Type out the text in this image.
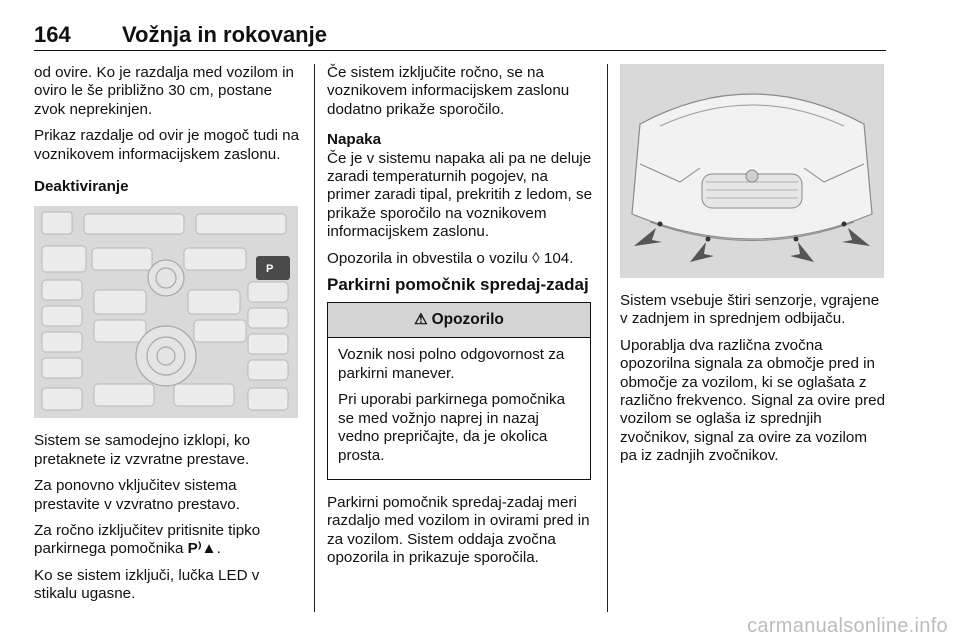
164 Vožnja in rokovanje

od ovire. Ko je razdalja med vozilom in oviro le še približno 30 cm, postane zvok neprekinjen.

Prikaz razdalje od ovir je mogoč tudi na voznikovem informacijskem zaslonu.

Deaktiviranje

P

Sistem se samodejno izklopi, ko pretaknete iz vzvratne prestave.

Za ponovno vključitev sistema prestavite v vzvratno prestavo.

Za ročno izključitev pritisnite tipko parkirnega pomočnika P⁾▲.

Ko se sistem izključi, lučka LED v stikalu ugasne.

Če sistem izključite ročno, se na voznikovem informacijskem zaslonu dodatno prikaže sporočilo.

Napaka

Če je v sistemu napaka ali pa ne deluje zaradi temperaturnih pogojev, na primer zaradi tipal, prekritih z ledom, se prikaže sporočilo na voznikovem informacijskem zaslonu.

Opozorila in obvestila o vozilu ◊ 104.

Parkirni pomočnik spredaj-zadaj

⚠ Opozorilo

Voznik nosi polno odgovornost za parkirni manever.

Pri uporabi parkirnega pomočnika se med vožnjo naprej in nazaj vedno prepričajte, da je okolica prosta.

Parkirni pomočnik spredaj-zadaj meri razdaljo med vozilom in ovirami pred in za vozilom. Sistem oddaja zvočna opozorila in prikazuje sporočila.

Sistem vsebuje štiri senzorje, vgrajene v zadnjem in sprednjem odbijaču.

Uporablja dva različna zvočna opozorilna signala za območje pred in območje za vozilom, ki se oglašata z različno frekvenco. Signal za ovire pred vozilom se oglaša iz sprednjih zvočnikov, signal za ovire za vozilom pa iz zadnjih zvočnikov.

carmanualsonline.info
